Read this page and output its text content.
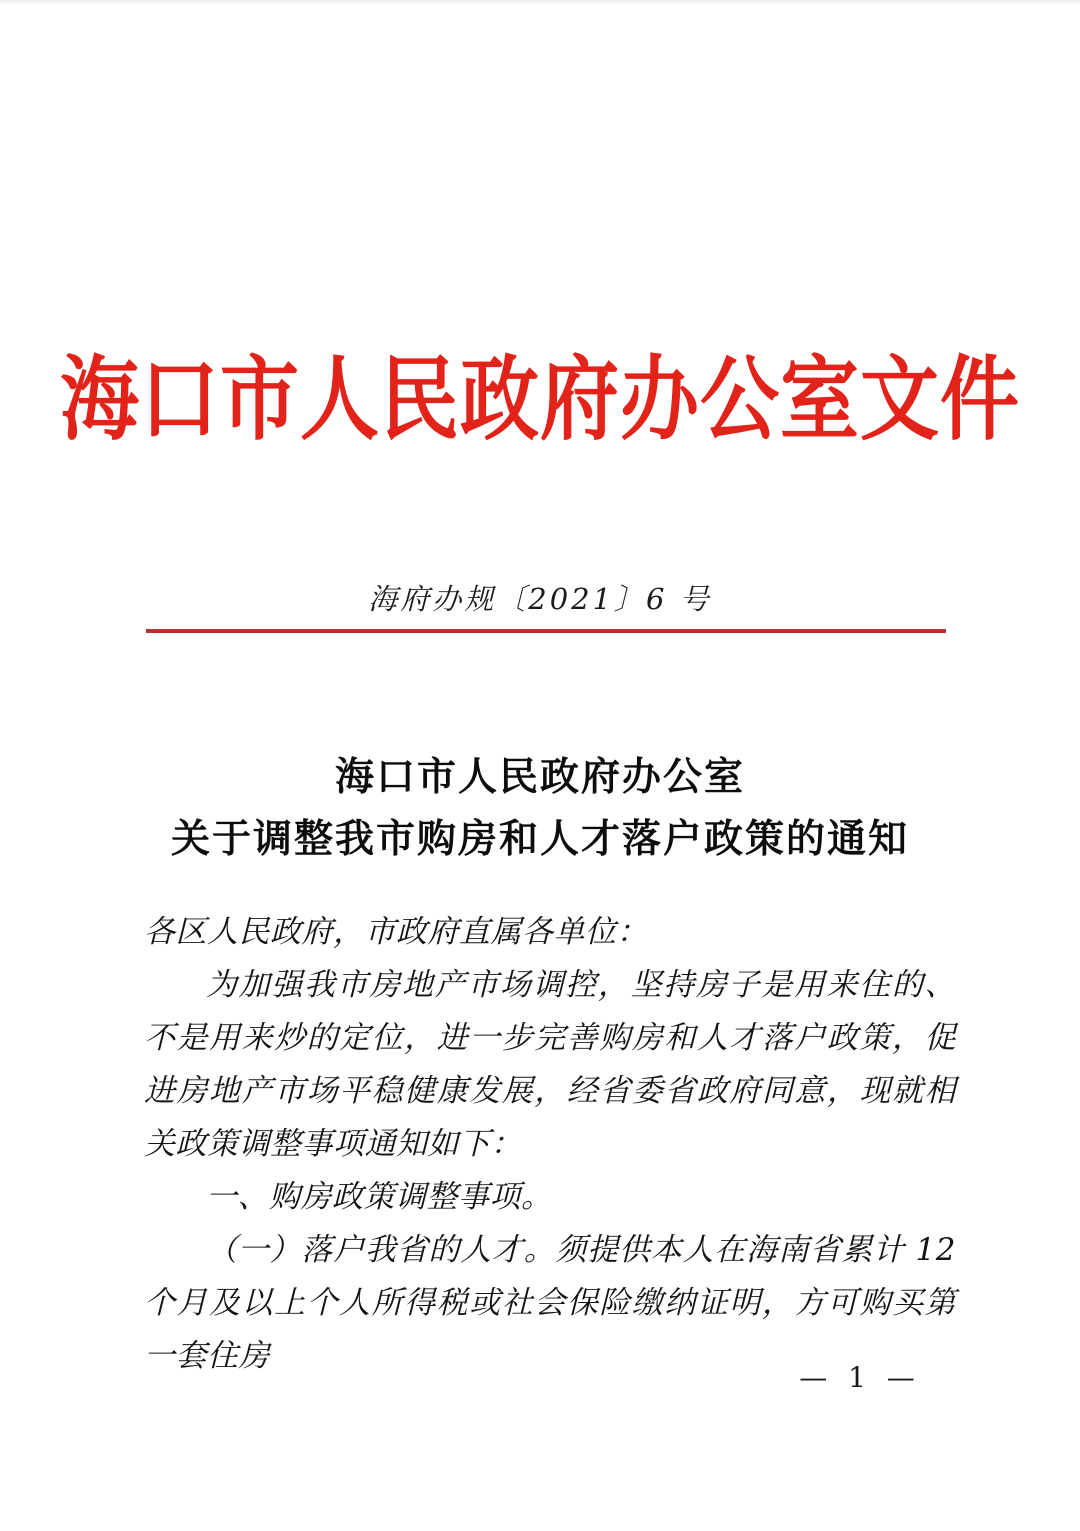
海口市人民政府办公室文件
海府办规〔2021〕6 号
海口市人民政府办公室
关于调整我市购房和人才落户政策的通知

各区人民政府，市政府直属各单位：

为加强我市房地产市场调控，坚持房子是用来住的、不是用来炒的定位，进一步完善购房和人才落户政策，促进房地产市场平稳健康发展，经省委省政府同意，现就相关政策调整事项通知如下：

一、购房政策调整事项。

（一）落户我省的人才。须提供本人在海南省累计 12 个月及以上个人所得税或社会保险缴纳证明，方可购买第一套住房

— 1 —
